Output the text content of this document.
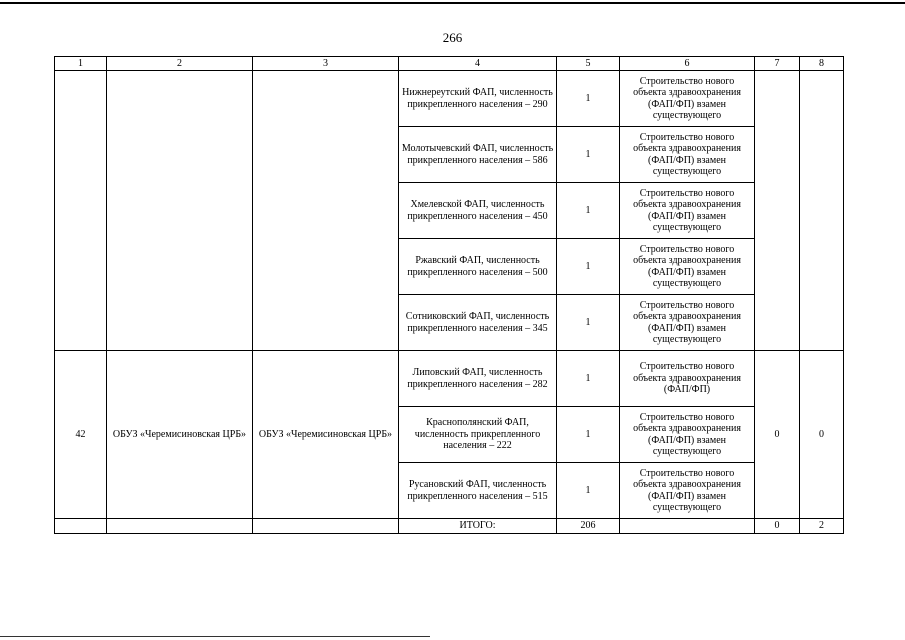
266
1	2	3	4	5	6	7	8
			Нижнереутский ФАП, численность прикрепленного населения – 290	1	Строительство нового объекта здравоохранения (ФАП/ФП) взамен существующего		
			Молотычевский ФАП, численность прикрепленного населения – 586	1	Строительство нового объекта здравоохранения (ФАП/ФП) взамен существующего		
			Хмелевской ФАП, численность прикрепленного населения – 450	1	Строительство нового объекта здравоохранения (ФАП/ФП) взамен существующего		
			Ржавский ФАП, численность прикрепленного населения – 500	1	Строительство нового объекта здравоохранения (ФАП/ФП) взамен существующего		
			Сотниковский ФАП, численность прикрепленного населения – 345	1	Строительство нового объекта здравоохранения (ФАП/ФП) взамен существующего		
42	ОБУЗ «Черемисиновская ЦРБ»	ОБУЗ «Черемисиновская ЦРБ»	Липовский ФАП, численность прикрепленного населения – 282	1	Строительство нового объекта здравоохранения (ФАП/ФП)	0	0
			Краснополянский ФАП, численность прикрепленного населения – 222	1	Строительство нового объекта здравоохранения (ФАП/ФП) взамен существующего		
			Русановский ФАП, численность прикрепленного населения – 515	1	Строительство нового объекта здравоохранения (ФАП/ФП) взамен существующего		
			ИТОГО:	206		0	2
